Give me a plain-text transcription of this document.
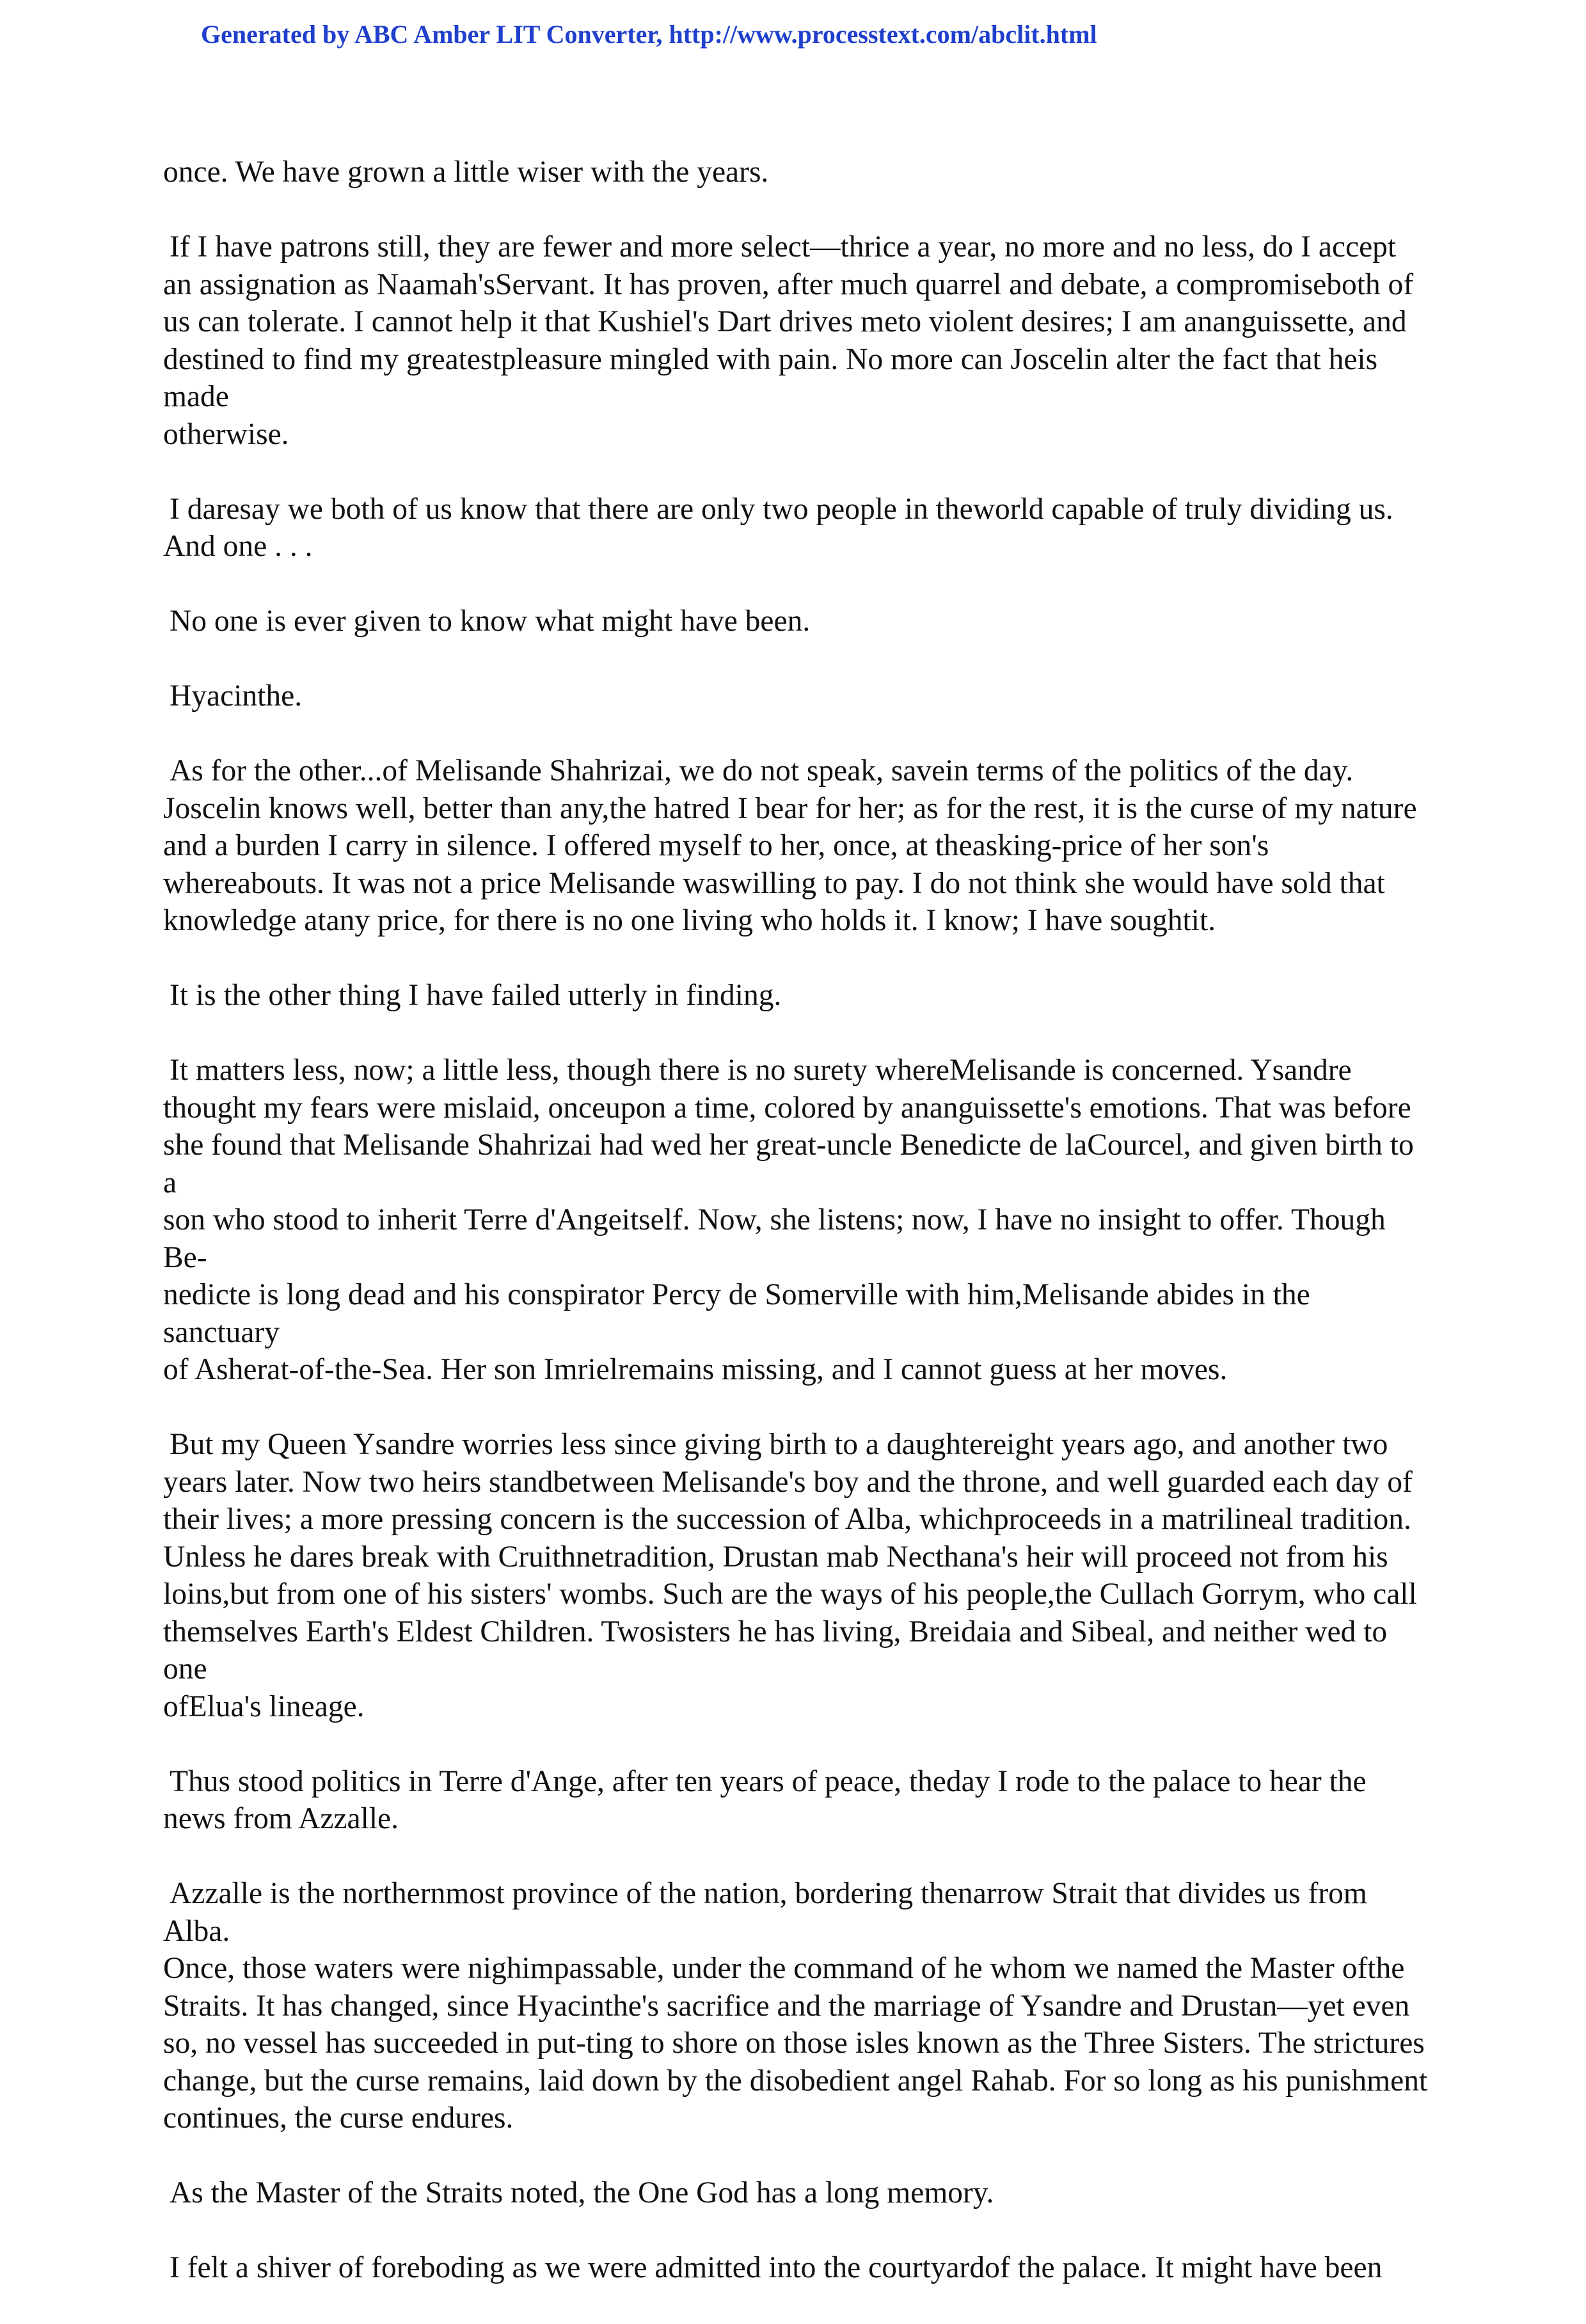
Generated by ABC Amber LIT Converter, http://www.processtext.com/abclit.html

once. We have grown a little wiser with the years.

If I have patrons still, they are fewer and more select—thrice a year, no more and no less, do I accept
an assignation as Naamah'sServant. It has proven, after much quarrel and debate, a compromiseboth of
us can tolerate. I cannot help it that Kushiel's Dart drives meto violent desires; I am ananguissette, and
destined to find my greatestpleasure mingled with pain. No more can Joscelin alter the fact that heis made
otherwise.

I daresay we both of us know that there are only two people in theworld capable of truly dividing us.
And one . . .

No one is ever given to know what might have been.

Hyacinthe.

As for the other...of Melisande Shahrizai, we do not speak, savein terms of the politics of the day.
Joscelin knows well, better than any,the hatred I bear for her; as for the rest, it is the curse of my nature
and a burden I carry in silence. I offered myself to her, once, at theasking-price of her son's
whereabouts. It was not a price Melisande waswilling to pay. I do not think she would have sold that
knowledge atany price, for there is no one living who holds it. I know; I have soughtit.

It is the other thing I have failed utterly in finding.

It matters less, now; a little less, though there is no surety whereMelisande is concerned. Ysandre
thought my fears were mislaid, onceupon a time, colored by ananguissette's emotions. That was before
she found that Melisande Shahrizai had wed her great-uncle Benedicte de laCourcel, and given birth to a
son who stood to inherit Terre d'Angeitself. Now, she listens; now, I have no insight to offer. Though Be-
nedicte is long dead and his conspirator Percy de Somerville with him,Melisande abides in the sanctuary
of Asherat-of-the-Sea. Her son Imrielremains missing, and I cannot guess at her moves.

But my Queen Ysandre worries less since giving birth to a daughtereight years ago, and another two
years later. Now two heirs standbetween Melisande's boy and the throne, and well guarded each day of
their lives; a more pressing concern is the succession of Alba, whichproceeds in a matrilineal tradition.
Unless he dares break with Cruithnetradition, Drustan mab Necthana's heir will proceed not from his
loins,but from one of his sisters' wombs. Such are the ways of his people,the Cullach Gorrym, who call
themselves Earth's Eldest Children. Twosisters he has living, Breidaia and Sibeal, and neither wed to one
ofElua's lineage.

Thus stood politics in Terre d'Ange, after ten years of peace, theday I rode to the palace to hear the
news from Azzalle.

Azzalle is the northernmost province of the nation, bordering thenarrow Strait that divides us from Alba.
Once, those waters were nighimpassable, under the command of he whom we named the Master ofthe
Straits. It has changed, since Hyacinthe's sacrifice and the marriage of Ysandre and Drustan—yet even
so, no vessel has succeeded in put-ting to shore on those isles known as the Three Sisters. The strictures
change, but the curse remains, laid down by the disobedient angel Rahab. For so long as his punishment
continues, the curse endures.

As the Master of the Straits noted, the One God has a long memory.

I felt a shiver of foreboding as we were admitted into the courtyardof the palace. It might have been
